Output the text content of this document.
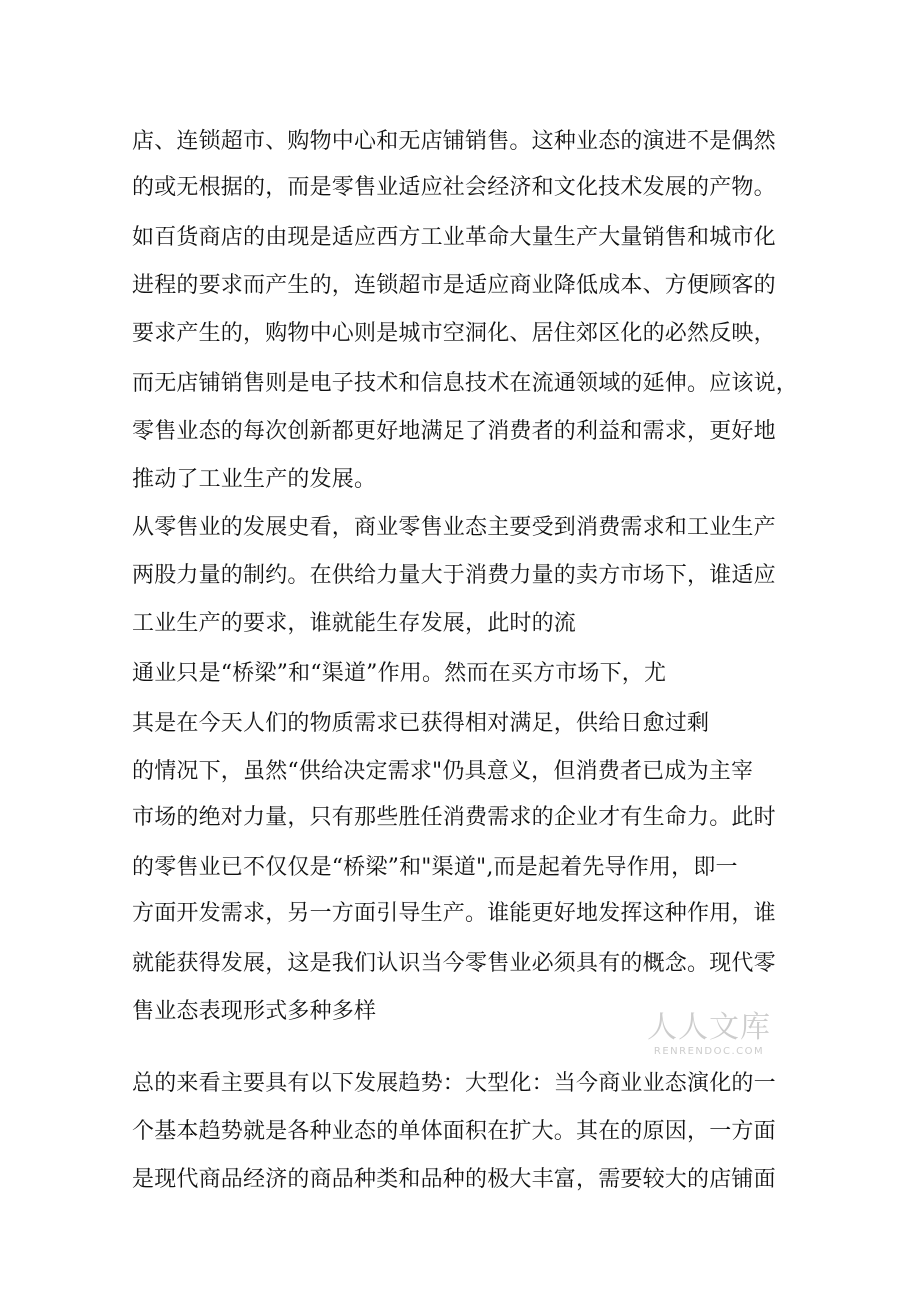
店、连锁超市、购物中心和无店铺销售。这种业态的演进不是偶然
的或无根据的，而是零售业适应社会经济和文化技术发展的产物。
如百货商店的由现是适应西方工业革命大量生产大量销售和城市化
进程的要求而产生的，连锁超市是适应商业降低成本、方便顾客的
要求产生的，购物中心则是城市空洞化、居住郊区化的必然反映，
而无店铺销售则是电子技术和信息技术在流通领域的延伸。应该说，
零售业态的每次创新都更好地满足了消费者的利益和需求，更好地
推动了工业生产的发展。
从零售业的发展史看，商业零售业态主要受到消费需求和工业生产
两股力量的制约。在供给力量大于消费力量的卖方市场下，谁适应
工业生产的要求，谁就能生存发展，此时的流
通业只是“桥梁”和“渠道”作用。然而在买方市场下，尤
其是在今天人们的物质需求已获得相对满足，供给日愈过剩
的情况下，虽然“供给决定需求"仍具意义，但消费者已成为主宰
市场的绝对力量，只有那些胜任消费需求的企业才有生命力。此时
的零售业已不仅仅是“桥梁”和"渠道",而是起着先导作用，即一
方面开发需求，另一方面引导生产。谁能更好地发挥这种作用，谁
就能获得发展，这是我们认识当今零售业必须具有的概念。现代零
售业态表现形式多种多样
总的来看主要具有以下发展趋势：大型化：当今商业业态演化的一
个基本趋势就是各种业态的单体面积在扩大。其在的原因，一方面
是现代商品经济的商品种类和品种的极大丰富，需要较大的店铺面
人人文库
RENRENDOC.COM
